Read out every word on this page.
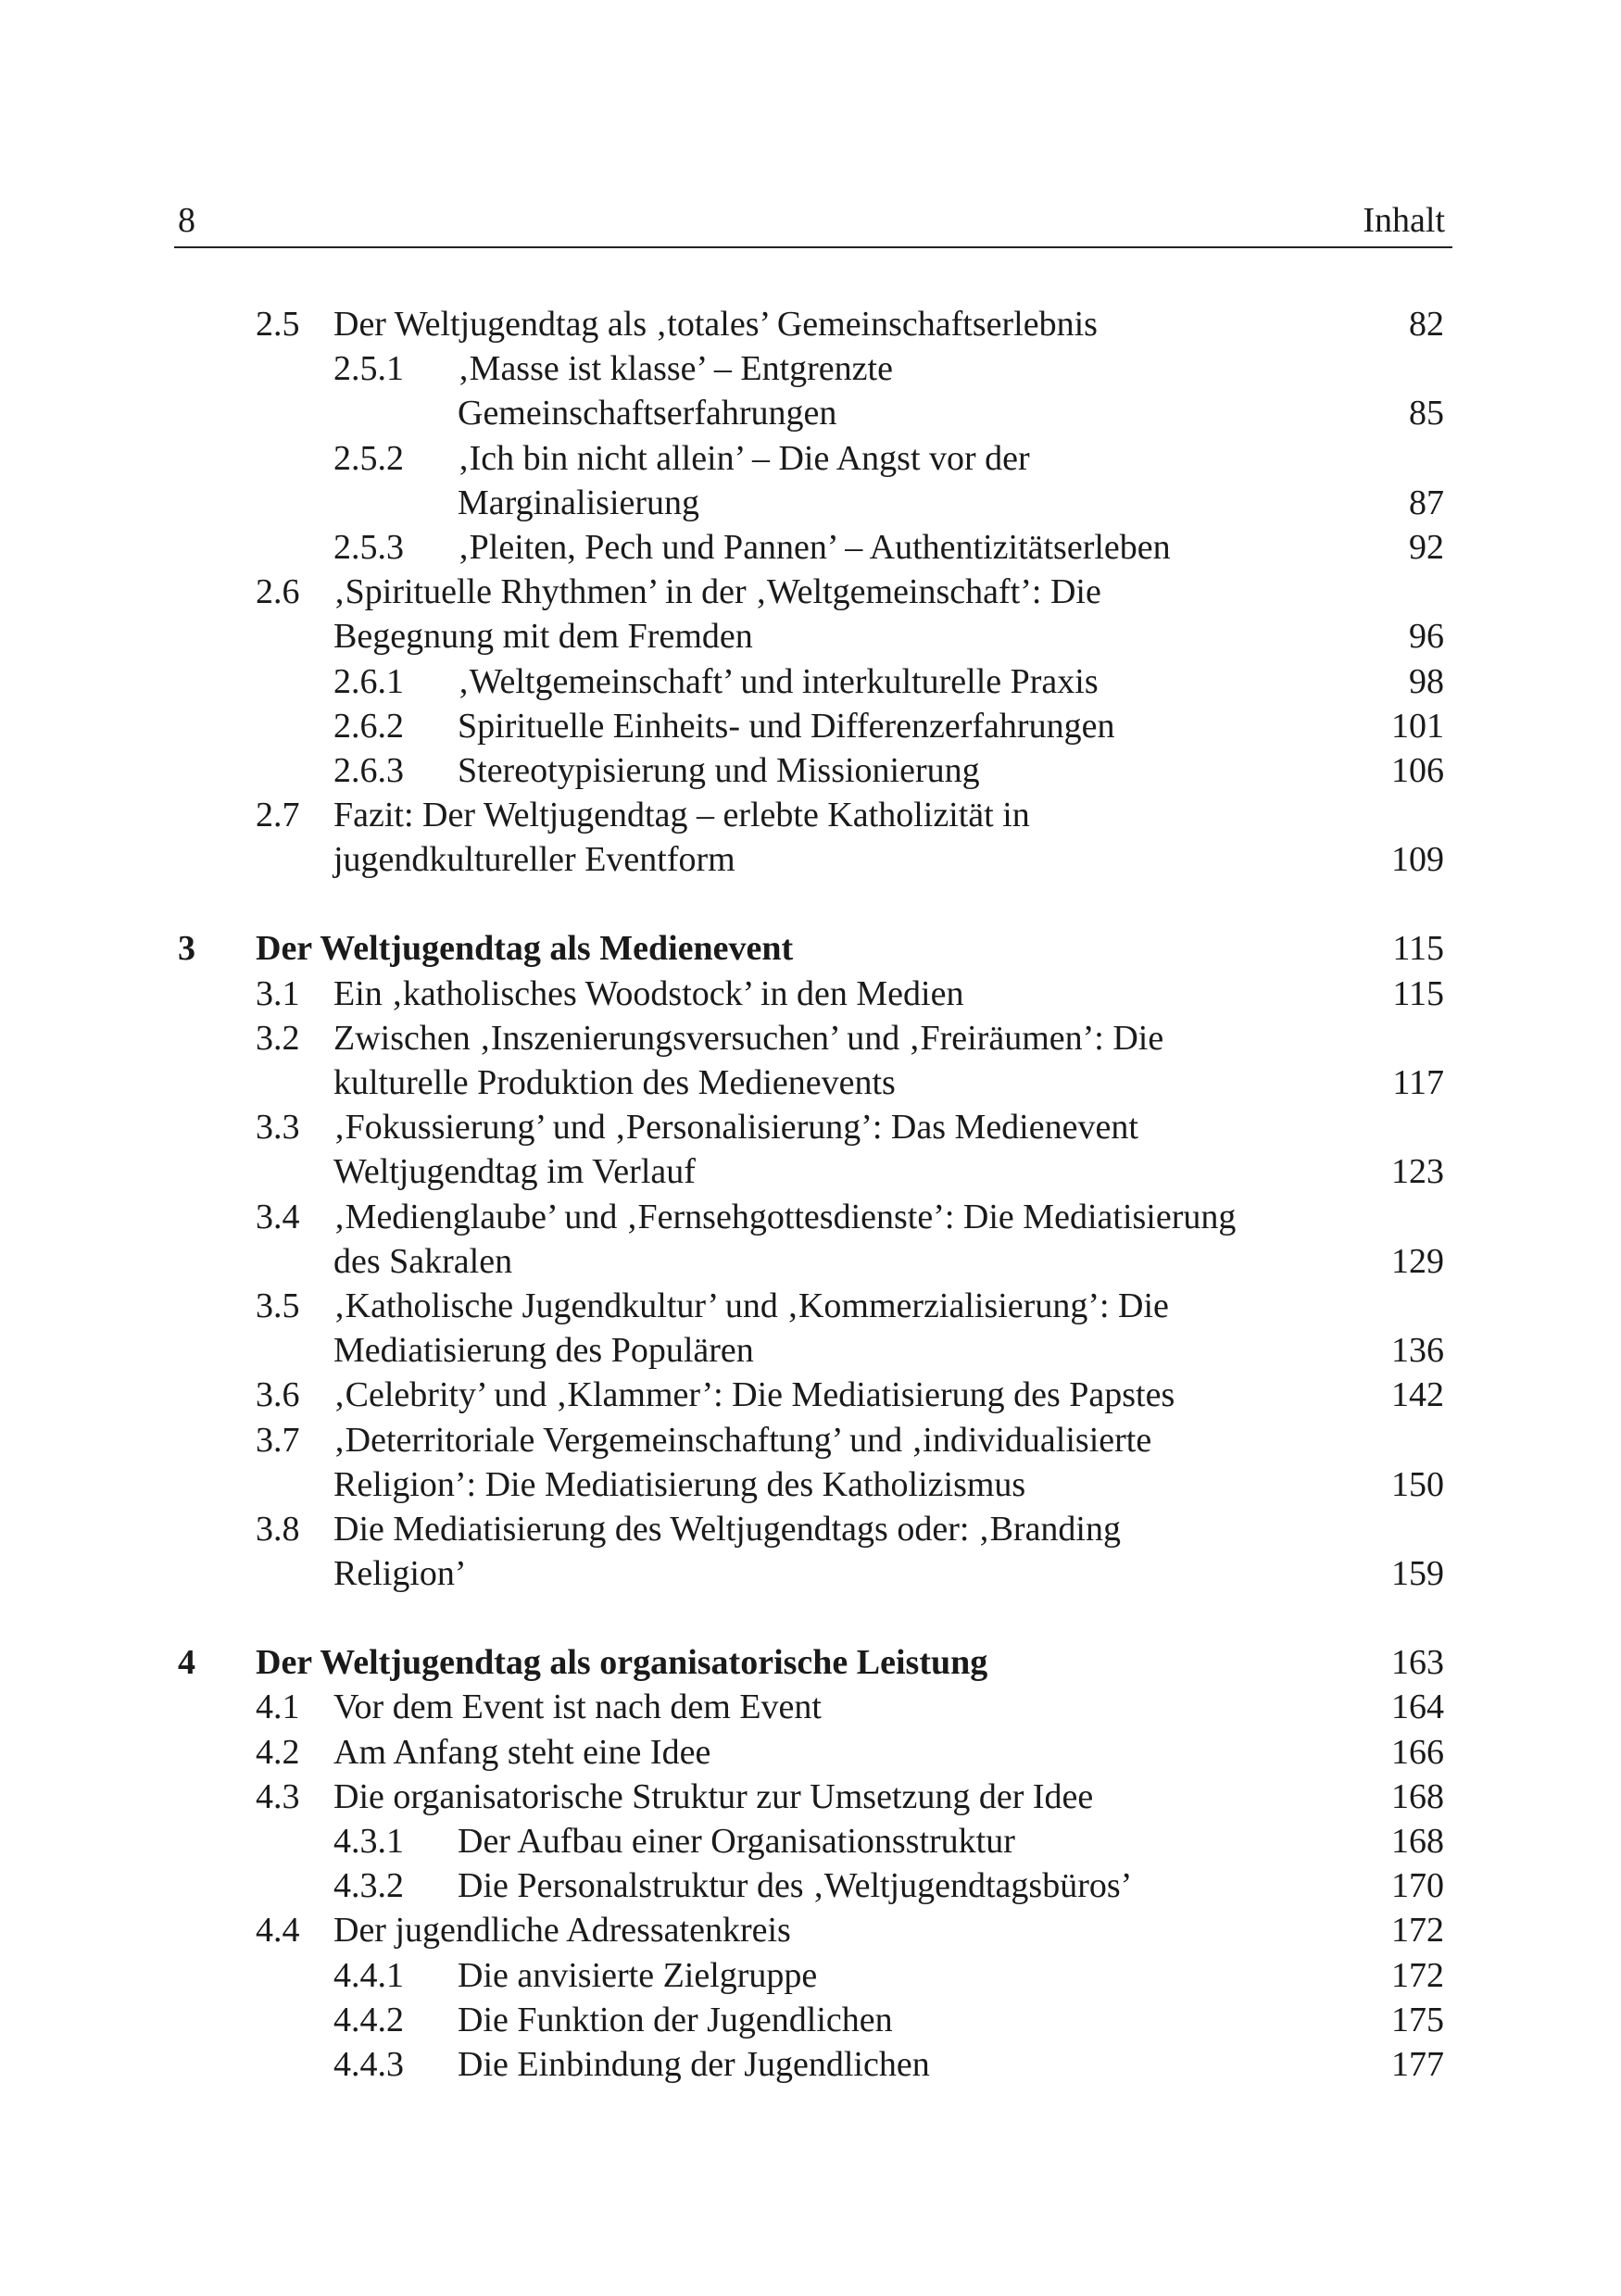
8	Inhalt
2.5 Der Weltjugendtag als ‚totales’ Gemeinschaftserlebnis	82
2.5.1 ‚Masse ist klasse’ – Entgrenzte
Gemeinschaftserfahrungen	85
2.5.2 ‚Ich bin nicht allein’ – Die Angst vor der
Marginalisierung	87
2.5.3 ‚Pleiten, Pech und Pannen’ – Authentizitätserleben	92
2.6 ‚Spirituelle Rhythmen’ in der ‚Weltgemeinschaft’: Die
Begegnung mit dem Fremden	96
2.6.1 ‚Weltgemeinschaft’ und interkulturelle Praxis	98
2.6.2 Spirituelle Einheits- und Differenzerfahrungen	101
2.6.3 Stereotypisierung und Missionierung	106
2.7 Fazit: Der Weltjugendtag – erlebte Katholizität in
jugendkultureller Eventform	109
3 Der Weltjugendtag als Medienevent	115
3.1 Ein ‚katholisches Woodstock’ in den Medien	115
3.2 Zwischen ‚Inszenierungsversuchen’ und ‚Freiräumen’: Die
kulturelle Produktion des Medienevents	117
3.3 ‚Fokussierung’ und ‚Personalisierung’: Das Medienevent
Weltjugendtag im Verlauf	123
3.4 ‚Medienglaube’ und ‚Fernsehgottesdienste’: Die Mediatisierung
des Sakralen	129
3.5 ‚Katholische Jugendkultur’ und ‚Kommerzialisierung’: Die
Mediatisierung des Populären	136
3.6 ‚Celebrity’ und ‚Klammer’: Die Mediatisierung des Papstes	142
3.7 ‚Deterritoriale Vergemeinschaftung’ und ‚individualisierte
Religion’: Die Mediatisierung des Katholizismus	150
3.8 Die Mediatisierung des Weltjugendtags oder: ‚Branding
Religion’	159
4 Der Weltjugendtag als organisatorische Leistung	163
4.1 Vor dem Event ist nach dem Event	164
4.2 Am Anfang steht eine Idee	166
4.3 Die organisatorische Struktur zur Umsetzung der Idee	168
4.3.1 Der Aufbau einer Organisationsstruktur	168
4.3.2 Die Personalstruktur des ‚Weltjugendtagsbüros’	170
4.4 Der jugendliche Adressatenkreis	172
4.4.1 Die anvisierte Zielgruppe	172
4.4.2 Die Funktion der Jugendlichen	175
4.4.3 Die Einbindung der Jugendlichen	177
